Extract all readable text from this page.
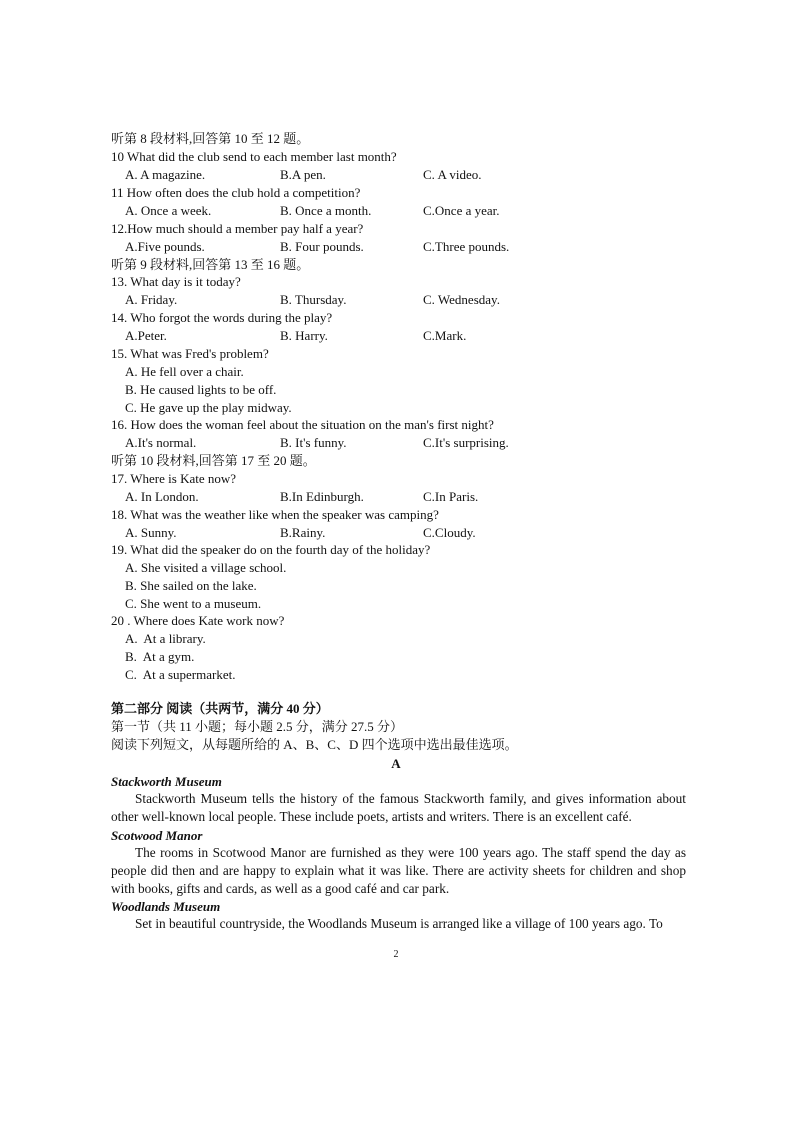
听第 8 段材料,回答第 10 至 12 题。
10 What did the club send to each member last month?
A. A magazine.	B.A pen.	C. A video.
11 How often does the club hold a competition?
A. Once a week.	B. Once a month.	C.Once a year.
12.How much should a member pay half a year?
A.Five pounds.	B. Four pounds.	C.Three pounds.
听第 9 段材料,回答第 13 至 16 题。
13. What day is it today?
A. Friday.	B. Thursday.	C. Wednesday.
14. Who forgot the words during the play?
A.Peter.	B. Harry.	C.Mark.
15. What was Fred's problem?
A. He fell over a chair.
B. He caused lights to be off.
C. He gave up the play midway.
16. How does the woman feel about the situation on the man's first night?
A.It's normal.	B. It's funny.	C.It's surprising.
听第 10 段材料,回答第 17 至 20 题。
17. Where is Kate now?
A. In London.	B.In Edinburgh.	C.In Paris.
18. What was the weather like when the speaker was camping?
A. Sunny.	B.Rainy.	C.Cloudy.
19. What did the speaker do on the fourth day of the holiday?
A. She visited a village school.
B. She sailed on the lake.
C. She went to a museum.
20 . Where does Kate work now?
A.  At a library.
B.  At a gym.
C.  At a supermarket.
第二部分 阅读（共两节，满分 40 分）
第一节（共 11 小题；每小题 2.5 分，满分 27.5 分）
阅读下列短文，从每题所给的 A、B、C、D 四个选项中选出最佳选项。
A
Stackworth Museum
Stackworth Museum tells the history of the famous Stackworth family, and gives information about other well-known local people. These include poets, artists and writers. There is an excellent café.
Scotwood Manor
The rooms in Scotwood Manor are furnished as they were 100 years ago. The staff spend the day as people did then and are happy to explain what it was like. There are activity sheets for children and shop with books, gifts and cards, as well as a good café and car park.
Woodlands Museum
Set in beautiful countryside, the Woodlands Museum is arranged like a village of 100 years ago. To
2
